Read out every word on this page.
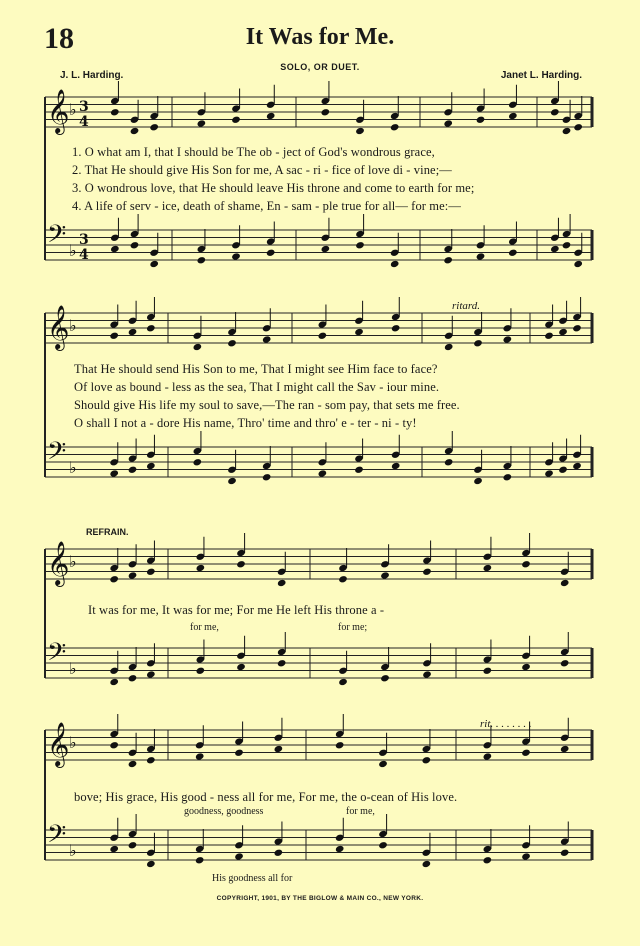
18	It Was for Me.
SOLO, OR DUET.
J. L. Harding.	Janet L. Harding.
𝄞 ♭ 3
4
𝄢 ♭
3
4
𝄞 ♭
𝄢 ♭
𝄞 ♭
𝄢 ♭
𝄞 ♭
𝄢 ♭
1. O what am I, that I should be The ob - ject of God's wondrous grace,
2. That He should give His Son for me, A sac - ri - fice of love di - vine;—
3. O wondrous love, that He should leave His throne and come to earth for me;
4. A life of serv - ice, death of shame, En - sam - ple true for all— for me:—
ritard.
That He should send His Son to me, That I might see Him face to face?
Of love as bound - less as the sea, That I might call the Sav - iour mine.
Should give His life my soul to save,—The ran - som pay, that sets me free.
O shall I not a - dore His name, Thro' time and thro' e - ter - ni - ty!
REFRAIN.
It was for me, It was for me; For me He left His throne a -
for me,	for me;
rit. . . . . . . .
bove; His grace, His good - ness all for me, For me, the o-cean of His love.
goodness, goodness	for me,
His goodness all for
COPYRIGHT, 1901, BY THE BIGLOW & MAIN CO., NEW YORK.
